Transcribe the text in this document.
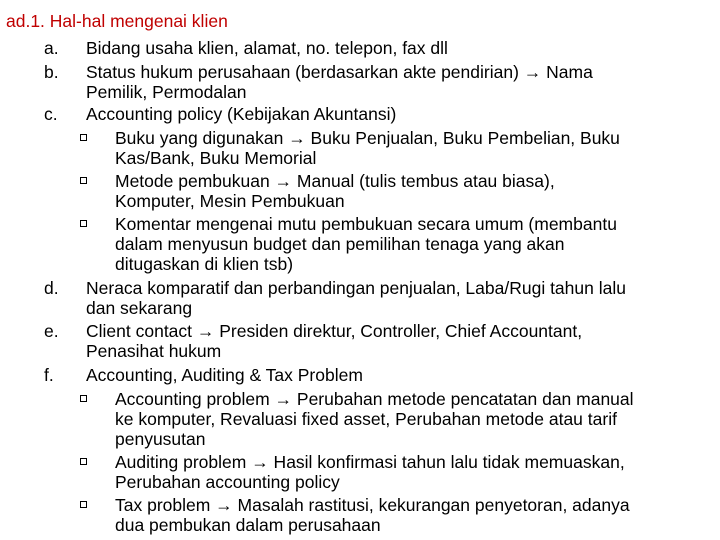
ad.1. Hal-hal mengenai klien
a.	Bidang usaha klien, alamat, no. telepon, fax dll
b.	Status hukum perusahaan (berdasarkan akte pendirian) → Nama
Pemilik, Permodalan
c.	Accounting policy (Kebijakan Akuntansi)
Buku yang digunakan → Buku Penjualan, Buku Pembelian, Buku
Kas/Bank, Buku Memorial
Metode pembukuan → Manual (tulis tembus atau biasa),
Komputer, Mesin Pembukuan
Komentar mengenai mutu pembukuan secara umum (membantu
dalam menyusun budget dan pemilihan tenaga yang akan
ditugaskan di klien tsb)
d.	Neraca komparatif dan perbandingan penjualan, Laba/Rugi tahun lalu
dan sekarang
e.	Client contact → Presiden direktur, Controller, Chief Accountant,
Penasihat hukum
f.	Accounting, Auditing & Tax Problem
Accounting problem → Perubahan metode pencatatan dan manual
ke komputer, Revaluasi fixed asset, Perubahan metode atau tarif
penyusutan
Auditing problem → Hasil konfirmasi tahun lalu tidak memuaskan,
Perubahan accounting policy
Tax problem → Masalah rastitusi, kekurangan penyetoran, adanya
dua pembukan dalam perusahaan
